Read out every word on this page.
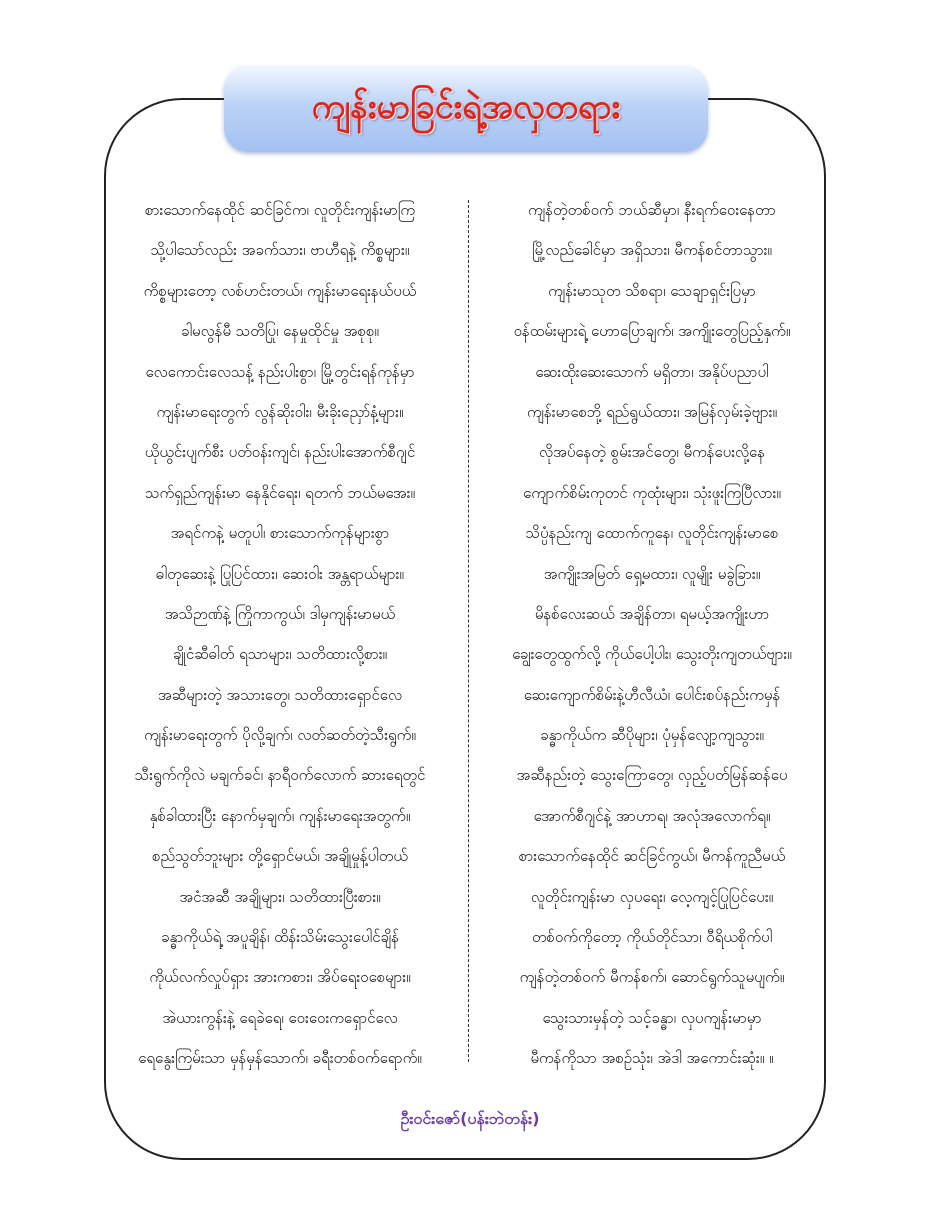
ကျန်းမာခြင်းရဲ့အလှတရား
စားသောက်နေထိုင် ဆင်ခြင်က၊ လူတိုင်းကျန်းမာကြ
သို့ပါသော်လည်း အခက်သား၊ ဗာဟီရနဲ့ ကိစ္စများ။
ကိစ္စများတော့ လစ်ဟင်းတယ်၊ ကျန်းမာရေးနယ်ပယ်
ခါမလွန်မီ သတိပြု၊ နေမှုထိုင်မှု အစုစု။
လေကောင်းလေသန့် နည်းပါးစွာ၊ မြို့တွင်းရန်ကုန်မှာ
ကျန်းမာရေးတွက် လွန်ဆိုးဝါး၊ မီးခိုးညှော်နံ့များ။
ယိုယွင်းပျက်စီး ပတ်ဝန်းကျင်၊ နည်းပါးအောက်စီဂျင်
သက်ရှည်ကျန်းမာ နေနိုင်ရေး၊ ရတက် ဘယ်မအေး။
အရင်ကနဲ့ မတူပါ၊ စားသောက်ကုန်များစွာ
ဓါတုဆေးနဲ့ ပြုပြင်ထား၊ ဆေးဝါး အန္တရာယ်များ။
အသိဉာဏ်နဲ့ ကြိုကာကွယ်၊ ဒါမှကျန်းမာမယ်
ချိုငံဆီဓါတ် ရသာများ၊ သတိထားလို့စား။
အဆီများတဲ့ အသားတွေ၊ သတိထားရှောင်လေ
ကျန်းမာရေးတွက် ပိုလို့ချက်၊ လတ်ဆတ်တဲ့သီးရွက်။
သီးရွက်ကိုလဲ မချက်ခင်၊ နာရီဝက်လောက် ဆားရေတွင်
နှစ်ခါထားပြီး နောက်မှချက်၊ ကျန်းမာရေးအတွက်။
စည်သွတ်ဘူးများ တို့ရှောင်မယ်၊ အချိုမှုန့်ပါတယ်
အငံအဆီ အချိုများ၊ သတိထားပြီးစား။
ခန္ဓာကိုယ်ရဲ့ အပူချိန်၊ ထိန်းသိမ်းသွေးပေါင်ချိန်
ကိုယ်လက်လှုပ်ရှား အားကစား၊ အိပ်ရေးဝစေများ။
အဲယားကွန်းနဲ့ ရေခဲရေ၊ ဝေးဝေးကရှောင်လေ
ရေနွေးကြမ်းသာ မှန်မှန်သောက်၊ ခရီးတစ်ဝက်ရောက်။
ကျန်တဲ့တစ်ဝက် ဘယ်ဆီမှာ၊ နီးရက်ဝေးနေတာ
မြို့လည်ခေါင်မှာ အရှိသား၊ မီကန်စင်တာသွား။
ကျန်းမာသုတ သိစရာ၊ သေချာရှင်းပြမှာ
ဝန်ထမ်းများရဲ့ ဟောပြောချက်၊ အကျိုးတွေပြည့်နှက်။
ဆေးထိုးဆေးသောက် မရှိတာ၊ အနိုပ်ပညာပါ
ကျန်းမာစေဘို့ ရည်ရွယ်ထား၊ အမြန်လှမ်းခဲ့ဗျား။
လိုအပ်နေတဲ့ စွမ်းအင်တွေ၊ မီကန်ပေးလို့နေ
ကျောက်စိမ်းကုတင် ကုထုံးများ၊ သုံးဖူးကြပြီလား။
သိပ္ပံနည်းကျ ထောက်ကူနေ၊ လူတိုင်းကျန်းမာစေ
အကျိုးအမြတ် ရှေ့မထား၊ လူမျိုး မခွဲခြား။
မိနစ်လေးဆယ် အချိန်တာ၊ ရမယ့်အကျိုးဟာ
ချွေးတွေထွက်လို့ ကိုယ်ပေါ့ပါး၊ သွေးတိုးကျတယ်ဗျား။
ဆေးကျောက်စိမ်းနဲ့ဟီလီယံ၊ ပေါင်းစပ်နည်းကမှန်
ခန္ဓာကိုယ်က ဆီပိုများ၊ ပုံမှန်လျော့ကျသွား။
အဆီနည်းတဲ့ သွေးကြောတွေ၊ လှည့်ပတ်မြန်ဆန်ပေ
အောက်စီဂျင်နဲ့ အာဟာရ၊ အလုံအလောက်ရ။
စားသောက်နေထိုင် ဆင်ခြင်ကွယ်၊ မီကန်ကူညီမယ်
လူတိုင်းကျန်းမာ လှပရေး၊ လေ့ကျင့်ပြုပြင်ပေး။
တစ်ဝက်ကိုတော့ ကိုယ်တိုင်သာ၊ ဝီရိယစိုက်ပါ
ကျန်တဲ့တစ်ဝက် မီကန်စက်၊ ဆောင်ရွက်သူမပျက်။
သွေးသားမှန်တဲ့ သင့်ခန္ဓာ၊ လှပကျန်းမာမှာ
မီကန်ကိုသာ အစဉ်သုံး၊ အဲဒါ အကောင်းဆုံး။ ။
ဦးဝင်းဇော်(ပန်းဘဲတန်း)
